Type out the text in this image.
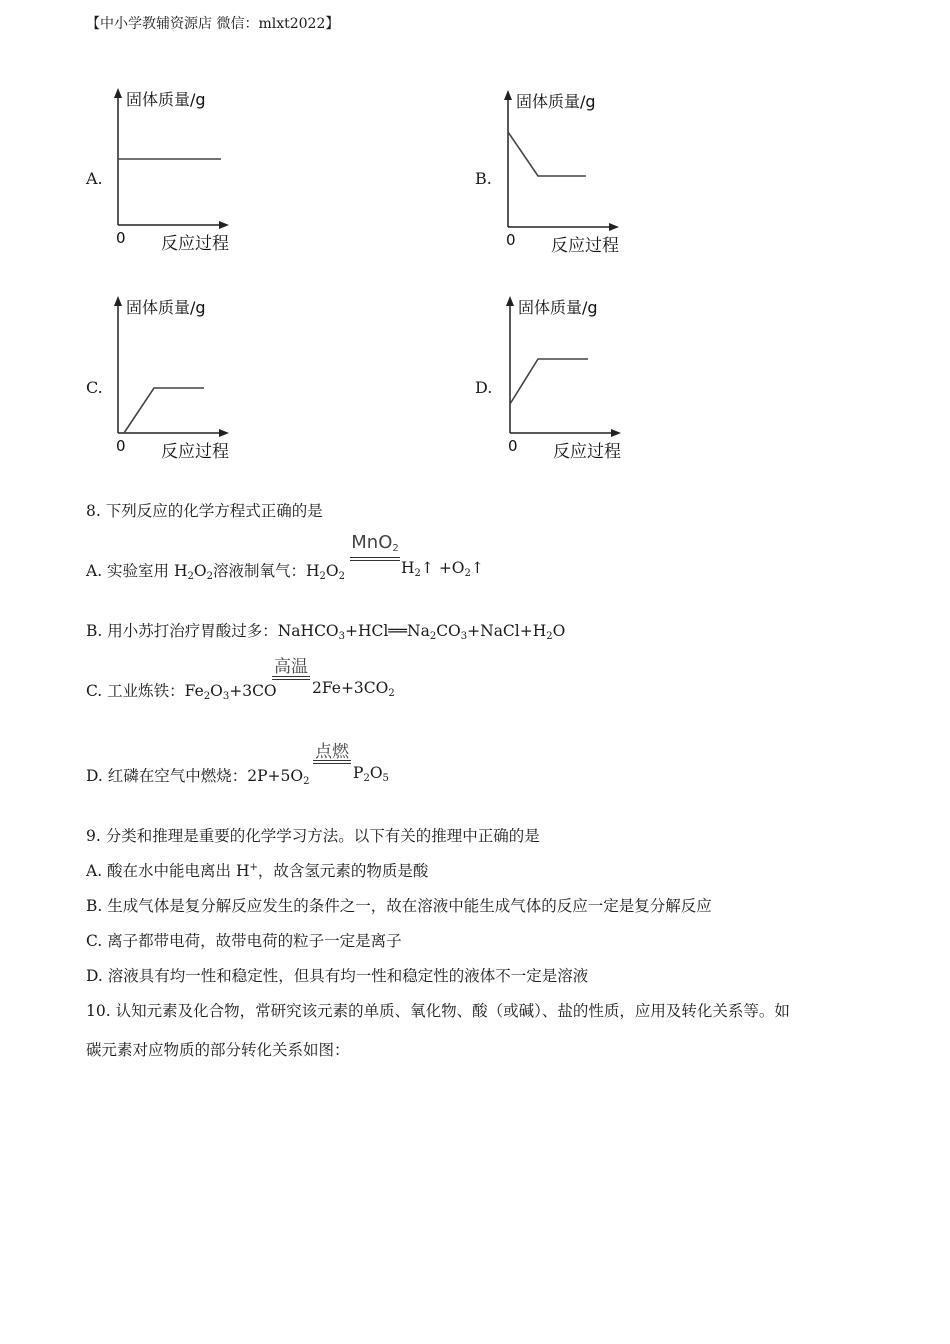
【中小学教辅资源店 微信：mlxt2022】
A.	B.
C.	D.
固体质量/g
0 反应过程
固体质量/g
0 反应过程
固体质量/g
0 反应过程
固体质量/g
0 反应过程
8. 下列反应的化学方程式正确的是
A. 实验室用 $H_2O_2$溶液制氧气：$H_2O_2$
MnO$_2$
$H_2↑$ $+O_2↑$
B. 用小苏打治疗胃酸过多：$NaHCO_3+HCl══Na_2CO_3+NaCl+H_2O$
C. 工业炼铁：$Fe_2O_3+3CO$
高温
$2Fe+3CO_2$
D. 红磷在空气中燃烧：$2P+5O_2$
点燃
$P_2O_5$
9. 分类和推理是重要的化学学习方法。以下有关的推理中正确的是
A. 酸在水中能电离出 H+，故含氢元素的物质是酸
B. 生成气体是复分解反应发生的条件之一，故在溶液中能生成气体的反应一定是复分解反应
C. 离子都带电荷，故带电荷的粒子一定是离子
D. 溶液具有均一性和稳定性，但具有均一性和稳定性的液体不一定是溶液
10. 认知元素及化合物，常研究该元素的单质、氧化物、酸（或碱）、盐的性质，应用及转化关系等。如
碳元素对应物质的部分转化关系如图：
